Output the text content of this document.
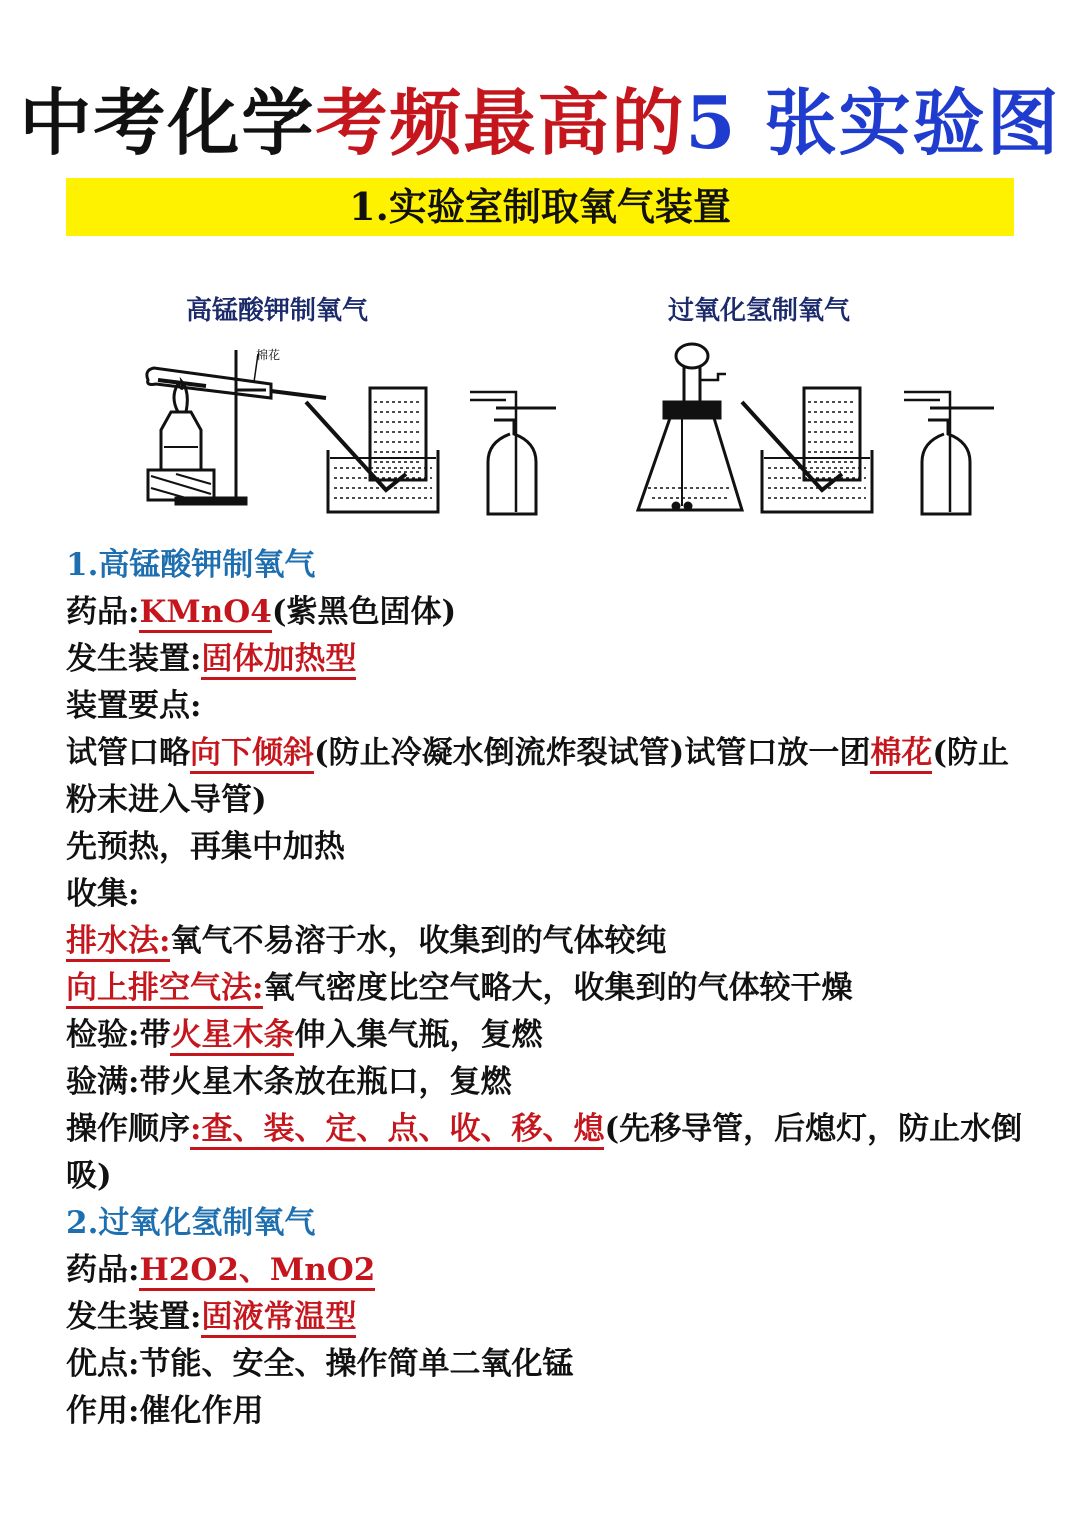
中考化学考频最高的5 张实验图
1.实验室制取氧气装置
高锰酸钾制氧气	过氧化氢制氧气
棉花
1.高锰酸钾制氧气
药品:KMnO4(紫黑色固体)
发生装置:固体加热型
装置要点:
试管口略向下倾斜(防止冷凝水倒流炸裂试管)试管口放一团棉花(防止粉末进入导管)
先预热，再集中加热
收集:
排水法:氧气不易溶于水，收集到的气体较纯
向上排空气法:氧气密度比空气略大，收集到的气体较干燥
检验:带火星木条伸入集气瓶，复燃
验满:带火星木条放在瓶口，复燃
操作顺序:查、装、定、点、收、移、熄(先移导管，后熄灯，防止水倒吸)
2.过氧化氢制氧气
药品:H2O2、MnO2
发生装置:固液常温型
优点:节能、安全、操作简单二氧化锰
作用:催化作用
